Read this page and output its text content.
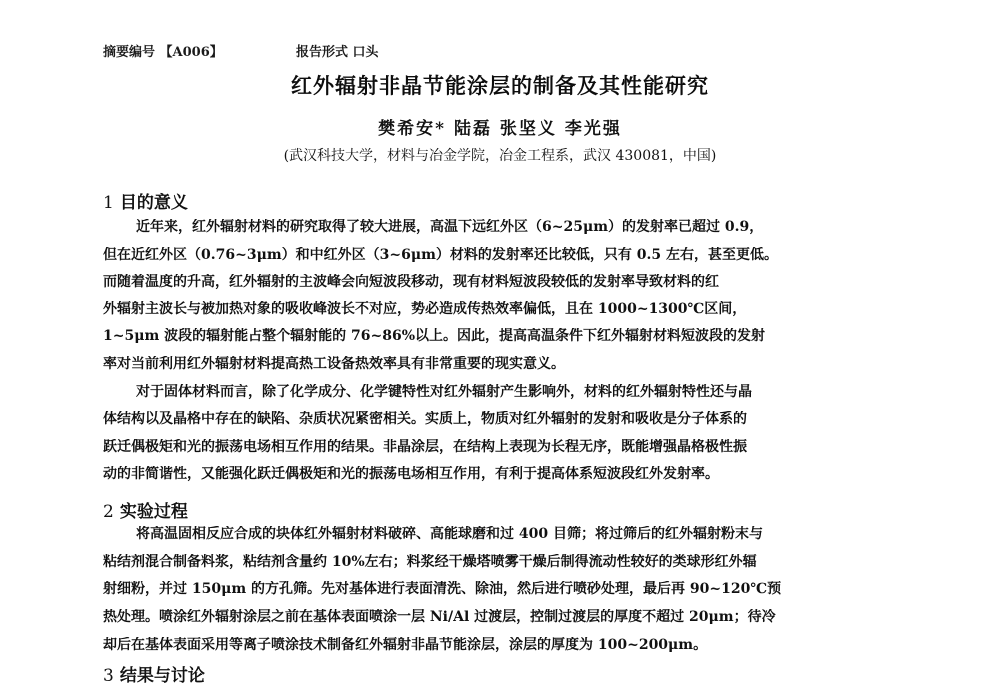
摘要编号 【A006】	报告形式 口头
红外辐射非晶节能涂层的制备及其性能研究
樊希安* 陆磊 张坚义 李光强
(武汉科技大学，材料与冶金学院，冶金工程系，武汉 430081，中国)
1 目的意义
近年来，红外辐射材料的研究取得了较大进展，高温下远红外区（6~25μm）的发射率已超过 0.9，
但在近红外区（0.76~3μm）和中红外区（3~6μm）材料的发射率还比较低，只有 0.5 左右，甚至更低。
而随着温度的升高，红外辐射的主波峰会向短波段移动，现有材料短波段较低的发射率导致材料的红
外辐射主波长与被加热对象的吸收峰波长不对应，势必造成传热效率偏低，且在 1000~1300℃区间，
1~5μm 波段的辐射能占整个辐射能的 76~86%以上。因此，提高高温条件下红外辐射材料短波段的发射
率对当前利用红外辐射材料提高热工设备热效率具有非常重要的现实意义。
对于固体材料而言，除了化学成分、化学键特性对红外辐射产生影响外，材料的红外辐射特性还与晶
体结构以及晶格中存在的缺陷、杂质状况紧密相关。实质上，物质对红外辐射的发射和吸收是分子体系的
跃迁偶极矩和光的振荡电场相互作用的结果。非晶涂层，在结构上表现为长程无序，既能增强晶格极性振
动的非简谐性，又能强化跃迁偶极矩和光的振荡电场相互作用，有利于提高体系短波段红外发射率。
2 实验过程
将高温固相反应合成的块体红外辐射材料破碎、高能球磨和过 400 目筛；将过筛后的红外辐射粉末与
粘结剂混合制备料浆，粘结剂含量约 10%左右；料浆经干燥塔喷雾干燥后制得流动性较好的类球形红外辐
射细粉，并过 150μm 的方孔筛。先对基体进行表面清洗、除油，然后进行喷砂处理，最后再 90~120℃预
热处理。喷涂红外辐射涂层之前在基体表面喷涂一层 Ni/Al 过渡层，控制过渡层的厚度不超过 20μm；待冷
却后在基体表面采用等离子喷涂技术制备红外辐射非晶节能涂层，涂层的厚度为 100~200μm。
3 结果与讨论
